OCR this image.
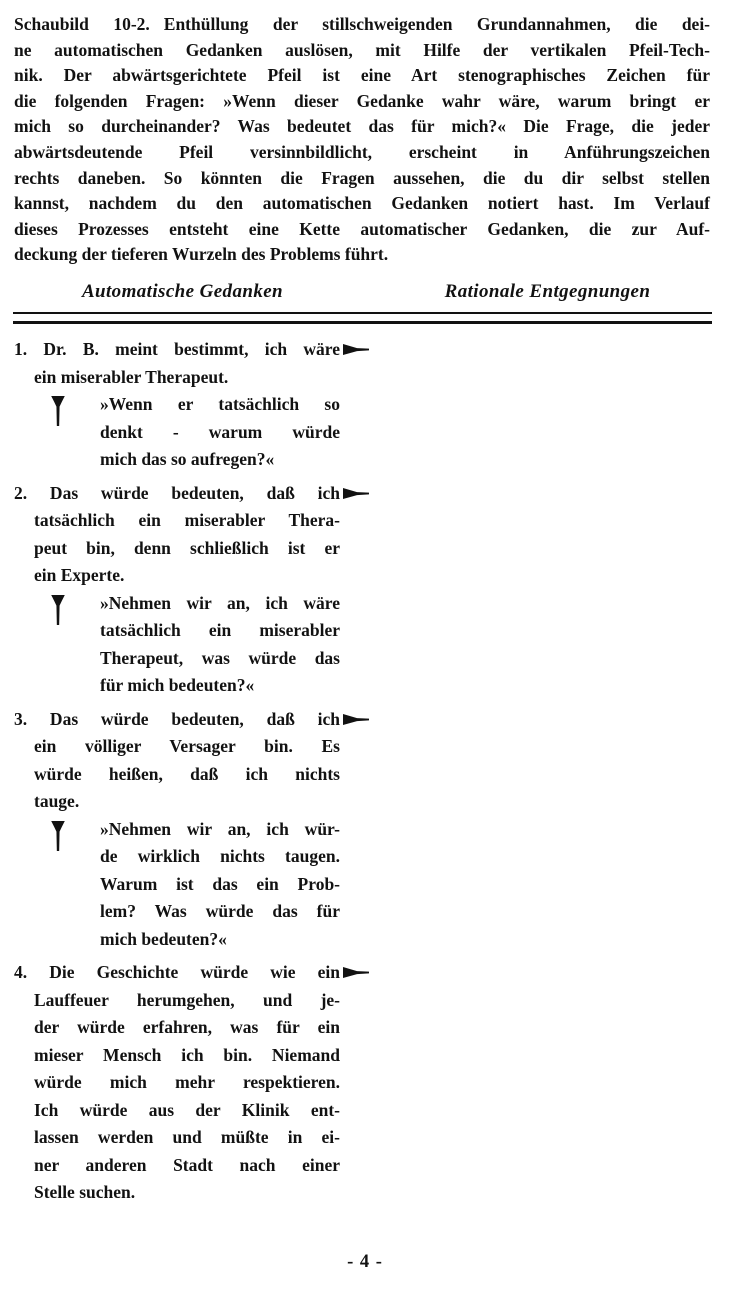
Schaubild 10-2. Enthüllung der stillschweigenden Grundannahmen, die dei-
ne automatischen Gedanken auslösen, mit Hilfe der vertikalen Pfeil-Tech-
nik. Der abwärtsgerichtete Pfeil ist eine Art stenographisches Zeichen für
die folgenden Fragen: »Wenn dieser Gedanke wahr wäre, warum bringt er
mich so durcheinander? Was bedeutet das für mich?« Die Frage, die jeder
abwärtsdeutende Pfeil versinnbildlicht, erscheint in Anführungszeichen
rechts daneben. So könnten die Fragen aussehen, die du dir selbst stellen
kannst, nachdem du den automatischen Gedanken notiert hast. Im Verlauf
dieses Prozesses entsteht eine Kette automatischer Gedanken, die zur Auf-
deckung der tieferen Wurzeln des Problems führt.
Automatische Gedanken	Rationale Entgegnungen
1. Dr. B. meint bestimmt, ich wäre
ein miserabler Therapeut.
»Wenn er tatsächlich so
denkt - warum würde
mich das so aufregen?«
2. Das würde bedeuten, daß ich
tatsächlich ein miserabler Thera-
peut bin, denn schließlich ist er
ein Experte.
»Nehmen wir an, ich wäre
tatsächlich ein miserabler
Therapeut, was würde das
für mich bedeuten?«
3. Das würde bedeuten, daß ich
ein völliger Versager bin. Es
würde heißen, daß ich nichts
tauge.
»Nehmen wir an, ich wür-
de wirklich nichts taugen.
Warum ist das ein Prob-
lem? Was würde das für
mich bedeuten?«
4. Die Geschichte würde wie ein
Lauffeuer herumgehen, und je-
der würde erfahren, was für ein
mieser Mensch ich bin. Niemand
würde mich mehr respektieren.
Ich würde aus der Klinik ent-
lassen werden und müßte in ei-
ner anderen Stadt nach einer
Stelle suchen.
- 4 -
